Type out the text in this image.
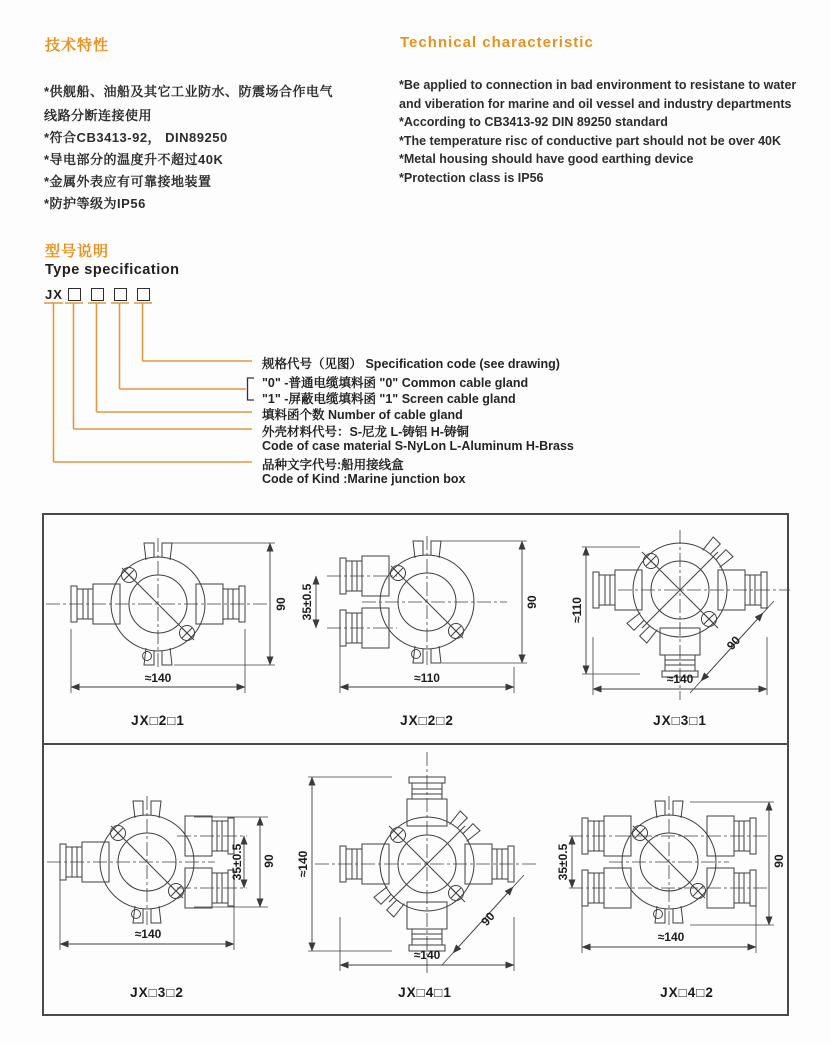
技术特性	Technical characteristic
*供舰船、油船及其它工业防水、防震场合作电气
线路分断连接使用
*符合CB3413-92， DIN89250
*导电部分的温度升不超过40K
*金属外表应有可靠接地装置
*防护等级为IP56
*Be applied to connection in bad environment to resistane to water
and viberation for marine and oil vessel and industry departments
*According to CB3413-92 DIN 89250 standard
*The temperature risc of conductive part should not be over 40K
*Metal housing should have good earthing device
*Protection class is IP56
型号说明
Type specification
JX
规格代号（见图） Specification code (see drawing)
"0" -普通电缆填料函 "0" Common cable gland
"1" -屏蔽电缆填料函 "1" Screen cable gland
填料函个数 Number of cable gland
外壳材料代号：S-尼龙 L-铸铝 H-铸铜
Code of case material S-NyLon L-Aluminum H-Brass
品种文字代号:船用接线盒
Code of Kind :Marine junction box
≈140
90 35±0.5	90
≈110
≈110
≈140
90
35±0.5 90
≈140
≈140
≈140
90
35±0.5	90
≈140
JX□2□1	JX□2□2	JX□3□1
JX□3□2	JX□4□1	JX□4□2
